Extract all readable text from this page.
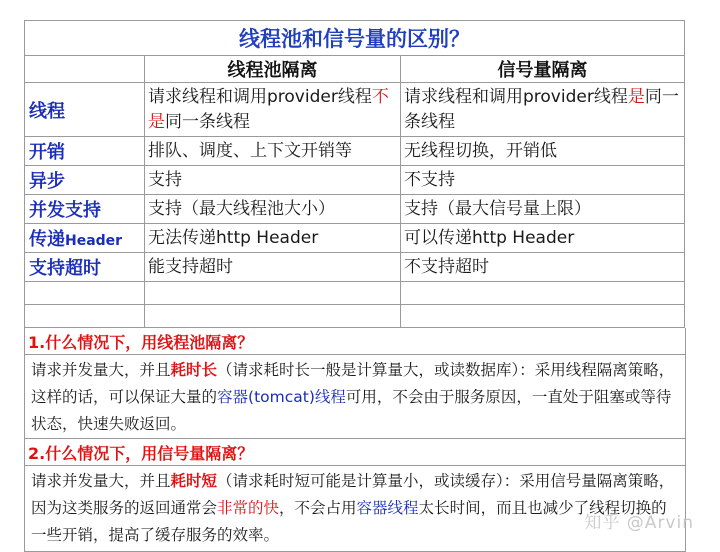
线程池和信号量的区别？		
	线程池隔离	信号量隔离
线程	请求线程和调用provider线程不是同一条线程	请求线程和调用provider线程是同一条线程
开销	排队、调度、上下文开销等	无线程切换，开销低
异步	支持	不支持
并发支持	支持（最大线程池大小）	支持（最大信号量上限）
传递Header	无法传递http Header	可以传递http Header
支持超时	能支持超时	不支持超时

1.什么情况下，用线程池隔离？
请求并发量大，并且耗时长（请求耗时长一般是计算量大，或读数据库）：采用线程隔离策略，这样的话，可以保证大量的容器(tomcat)线程可用，不会由于服务原因，一直处于阻塞或等待状态，快速失败返回。
2.什么情况下，用信号量隔离？
请求并发量大，并且耗时短（请求耗时短可能是计算量小，或读缓存）：采用信号量隔离策略，因为这类服务的返回通常会非常的快，不会占用容器线程太长时间，而且也减少了线程切换的一些开销，提高了缓存服务的效率。
知乎 @Arvin
